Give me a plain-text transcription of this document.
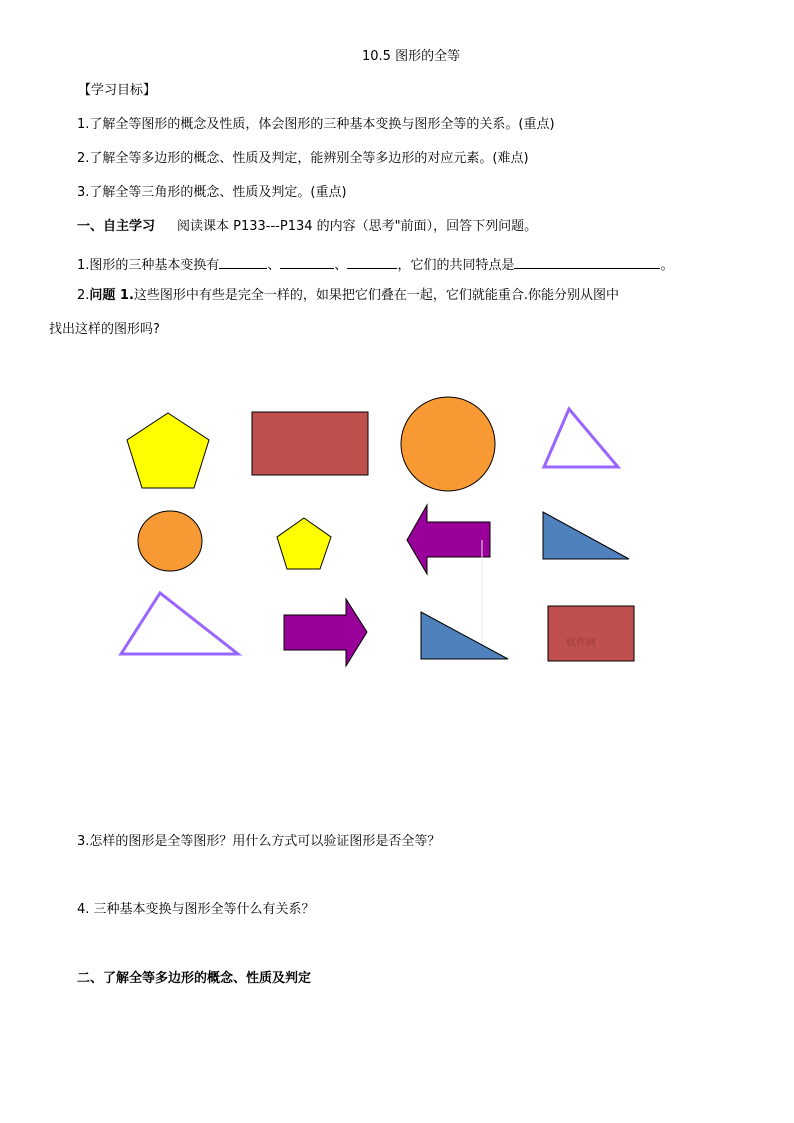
10.5 图形的全等
【学习目标】
1.了解全等图形的概念及性质，体会图形的三种基本变换与图形全等的关系。(重点)
2.了解全等多边形的概念、性质及判定，能辨别全等多边形的对应元素。(难点)
3.了解全等三角形的概念、性质及判定。(重点)
一、自主学习 阅读课本 P133---P134 的内容（思考"前面），回答下列问题。
1.图形的三种基本变换有	、	、	，它们的共同特点是	。
2.问题 1.这些图形中有些是完全一样的，如果把它们叠在一起，它们就能重合.你能分别从图中
找出这样的图形吗?
软件网
3.怎样的图形是全等图形？用什么方式可以验证图形是否全等？
4. 三种基本变换与图形全等什么有关系？
二、了解全等多边形的概念、性质及判定
